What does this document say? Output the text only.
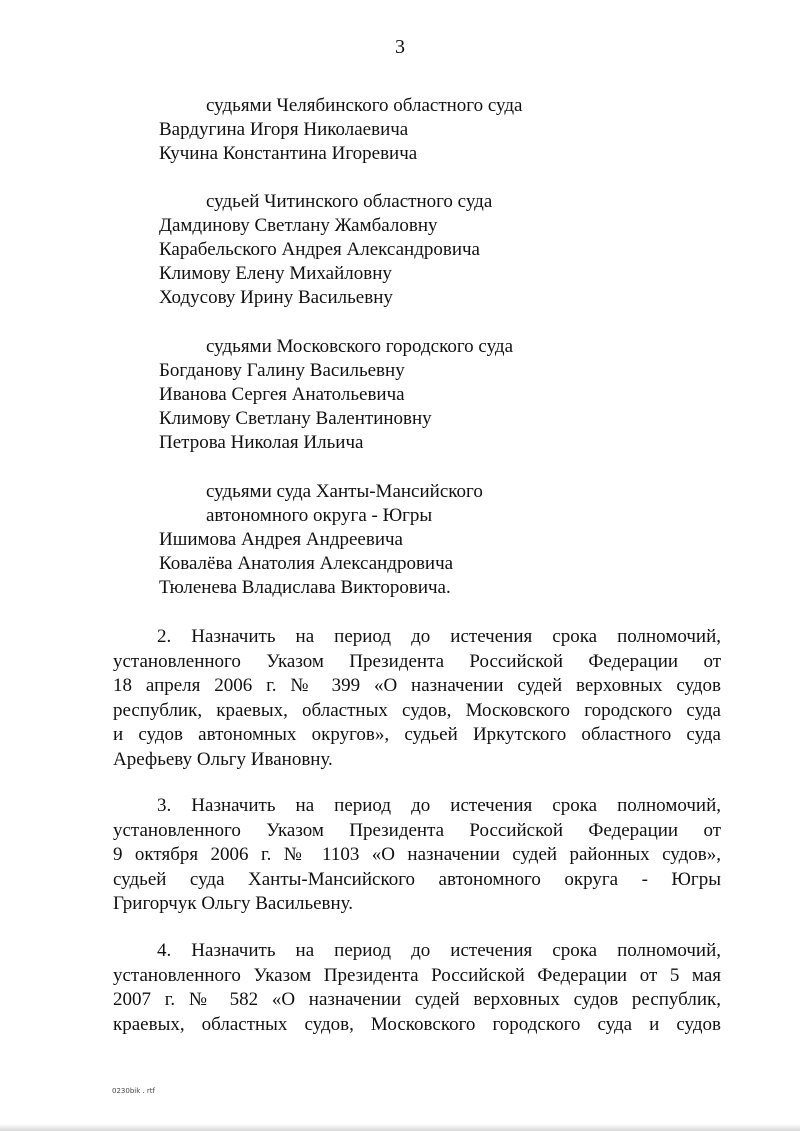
3
судьями Челябинского областного суда
Вардугина Игоря Николаевича
Кучина Константина Игоревича
судьей Читинского областного суда
Дамдинову Светлану Жамбаловну
Карабельского Андрея Александровича
Климову Елену Михайловну
Ходусову Ирину Васильевну
судьями Московского городского суда
Богданову Галину Васильевну
Иванова Сергея Анатольевича
Климову Светлану Валентиновну
Петрова Николая Ильича
судьями суда Ханты-Мансийского
автономного округа - Югры
Ишимова Андрея Андреевича
Ковалёва Анатолия Александровича
Тюленева Владислава Викторовича.
2. Назначить на период до истечения срока полномочий,
установленного Указом Президента Российской Федерации от
18 апреля 2006 г. № 399 «О назначении судей верховных судов
республик, краевых, областных судов, Московского городского суда
и судов автономных округов», судьей Иркутского областного суда
Арефьеву Ольгу Ивановну.
3. Назначить на период до истечения срока полномочий,
установленного Указом Президента Российской Федерации от
9 октября 2006 г. № 1103 «О назначении судей районных судов»,
судьей суда Ханты-Мансийского автономного округа - Югры
Григорчук Ольгу Васильевну.
4. Назначить на период до истечения срока полномочий,
установленного Указом Президента Российской Федерации от 5 мая
2007 г. № 582 «О назначении судей верховных судов республик,
краевых, областных судов, Московского городского суда и судов
0230bik . rtf
